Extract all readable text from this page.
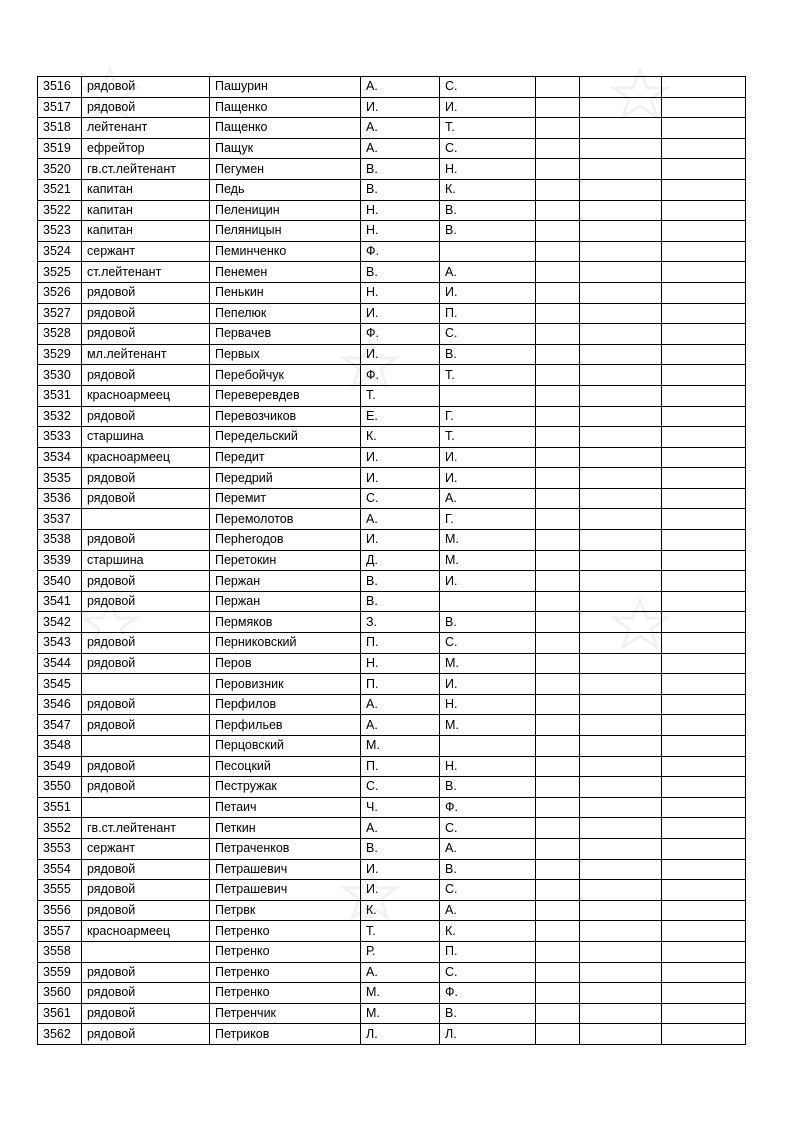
3516	рядовой	Пашурин	А.	С.			
3517	рядовой	Пащенко	И.	И.			
3518	лейтенант	Пащенко	А.	Т.			
3519	ефрейтор	Пащук	А.	С.			
3520	гв.ст.лейтенант	Пегумен	В.	Н.			
3521	капитан	Педь	В.	К.			
3522	капитан	Пеленицин	Н.	В.			
3523	капитан	Пеляницын	Н.	В.			
3524	сержант	Пеминченко	Ф.				
3525	ст.лейтенант	Пенемен	В.	А.			
3526	рядовой	Пенькин	Н.	И.			
3527	рядовой	Пепелюк	И.	П.			
3528	рядовой	Первачев	Ф.	С.			
3529	мл.лейтенант	Первых	И.	В.			
3530	рядовой	Перебойчук	Ф.	Т.			
3531	красноармеец	Переверевдев	Т.				
3532	рядовой	Перевозчиков	Е.	Г.			
3533	старшина	Передельский	К.	Т.			
3534	красноармеец	Передит	И.	И.			
3535	рядовой	Передрий	И.	И.			
3536	рядовой	Перемит	С.	А.			
3537		Перемолотов	А.	Г.			
3538	рядовой	Перherодов	И.	М.			
3539	старшина	Перетокин	Д.	М.			
3540	рядовой	Пержан	В.	И.			
3541	рядовой	Пержан	В.				
3542		Пермяков	З.	В.			
3543	рядовой	Перниковский	П.	С.			
3544	рядовой	Перов	Н.	М.			
3545		Перовизник	П.	И.			
3546	рядовой	Перфилов	А.	Н.			
3547	рядовой	Перфильев	А.	М.			
3548		Перцовский	М.				
3549	рядовой	Песоцкий	П.	Н.			
3550	рядовой	Пестружак	С.	В.			
3551		Петаич	Ч.	Ф.			
3552	гв.ст.лейтенант	Петкин	А.	С.			
3553	сержант	Петраченков	В.	А.			
3554	рядовой	Петрашевич	И.	В.			
3555	рядовой	Петрашевич	И.	С.			
3556	рядовой	Петрвк	К.	А.			
3557	красноармеец	Петренко	Т.	К.			
3558		Петренко	Р.	П.			
3559	рядовой	Петренко	А.	С.			
3560	рядовой	Петренко	М.	Ф.			
3561	рядовой	Петренчик	М.	В.			
3562	рядовой	Петриков	Л.	Л.			
